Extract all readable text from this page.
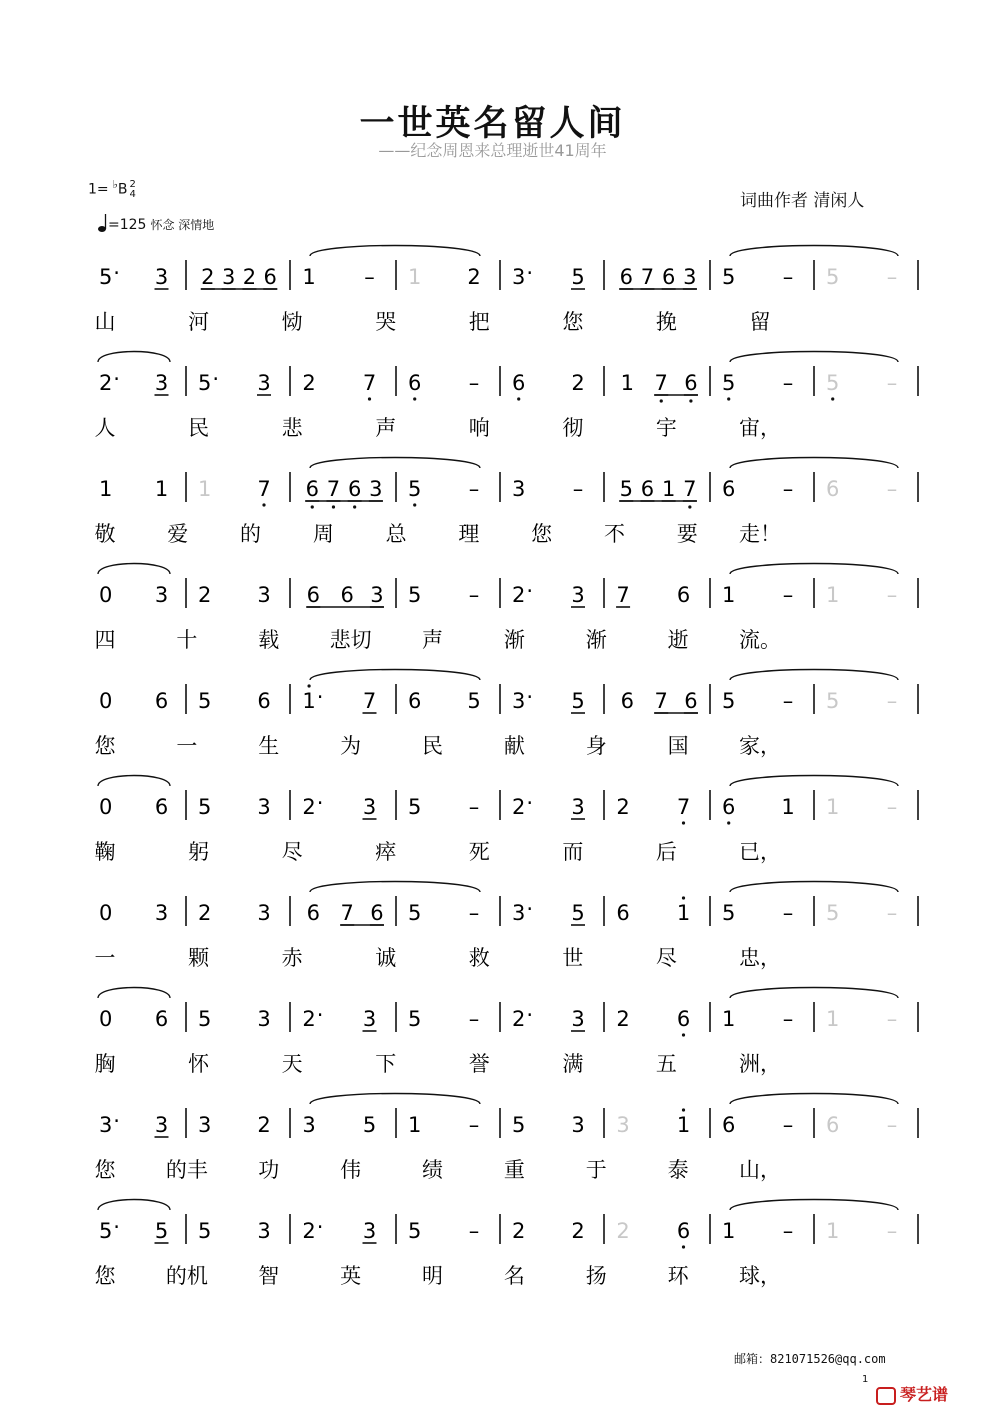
一世英名留人间
——纪念周恩来总理逝世41周年
1= ♭B 2
4
=125 怀念 深情地
词曲作者 清闲人
5 · 3 2 3 2 6 1 – 1 2 3 · 5 6 7 6 3 5 – 5 –
山	河	恸	哭	把	您	挽	留
2 · 3 5 · 3 2 7 6 – 6 2 1 7 6 5 – 5 –
人	民	悲	声	响	彻	宇	宙，
1 1 1 7 6 7 6 3 5 – 3 – 5 6 1 7 6 – 6 –
敬 爱 的 周 总 理 您 不 要 走！
0 3 2 3 6 6 3 5 – 2 · 3 7 6 1 – 1 –
四	十	载 悲切 声	渐	渐	逝 流。
0 6 5 6 1 · 7 6 5 3 · 5 6 7 6 5 – 5 –
您	一	生	为	民	献	身	国 家，
0 6 5 3 2 · 3 5 – 2 · 3 2 7 6 1 1 –
鞠	躬	尽	瘁	死	而	后	已，
0 3 2 3 6 7 6 5 – 3 · 5 6 1 5 – 5 –
一	颗	赤	诚	救	世	尽	忠，
0 6 5 3 2 · 3 5 – 2 · 3 2 6 1 – 1 –
胸	怀	天	下	誉	满	五	洲，
3 · 3 3 2 3 5 1 – 5 3 3 1 6 – 6 –
您 的丰 功	伟	绩	重	于	泰 山，
5 · 5 5 3 2 · 3 5 – 2 2 2 6 1 – 1 –
您 的机 智	英	明	名	扬	环 球，
邮箱：821071526@qq.com
1
琴艺谱
